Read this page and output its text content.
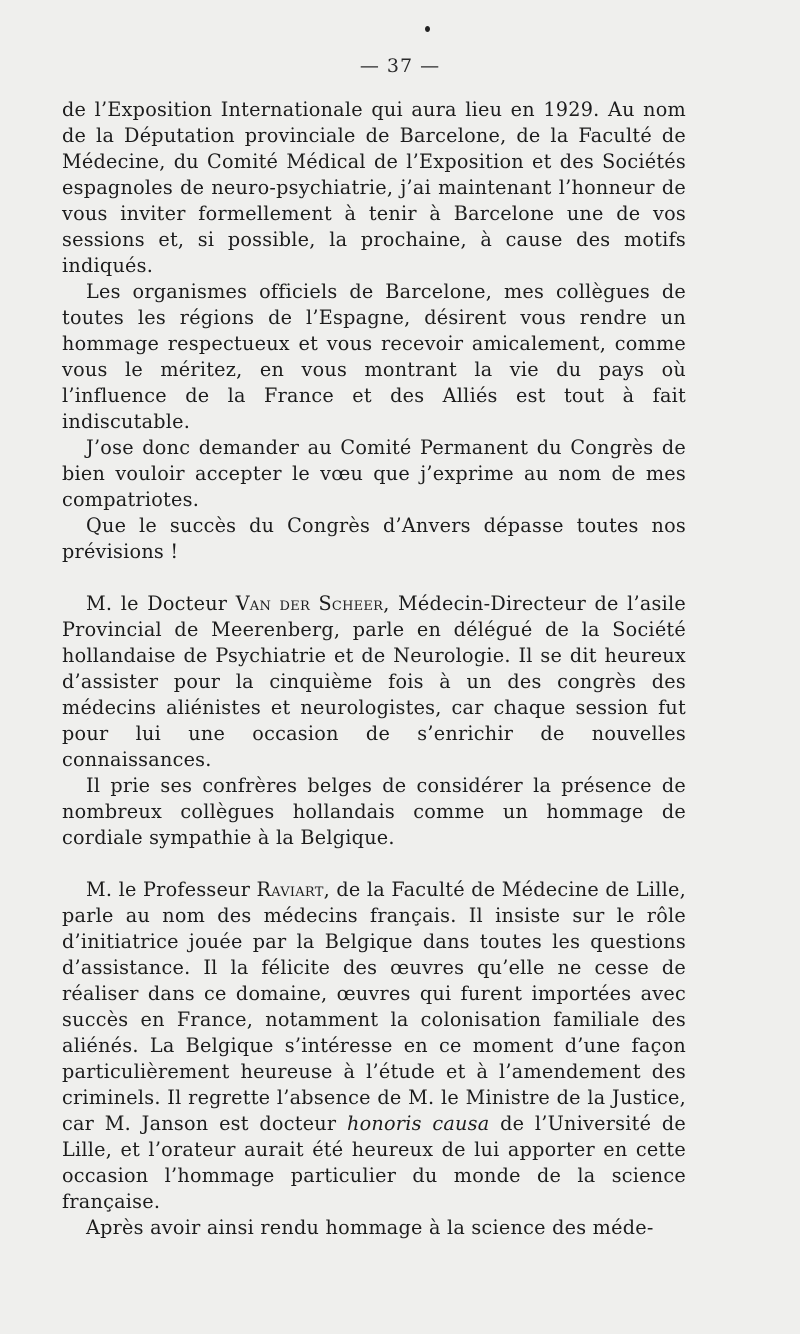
— 37 —

de l’Exposition Internationale qui aura lieu en 1929. Au nom de la Députation provinciale de Barcelone, de la Faculté de Médecine, du Comité Médical de l’Exposition et des Sociétés espagnoles de neuro-psychiatrie, j’ai maintenant l’honneur de vous inviter formellement à tenir à Barcelone une de vos sessions et, si possible, la prochaine, à cause des motifs indiqués.

Les organismes officiels de Barcelone, mes collègues de toutes les régions de l’Espagne, désirent vous rendre un hommage respectueux et vous recevoir amicalement, comme vous le méritez, en vous montrant la vie du pays où l’influence de la France et des Alliés est tout à fait indiscutable.

J’ose donc demander au Comité Permanent du Congrès de bien vouloir accepter le vœu que j’exprime au nom de mes compatriotes.

Que le succès du Congrès d’Anvers dépasse toutes nos prévisions !

M. le Docteur Van der Scheer, Médecin-Directeur de l’asile Provincial de Meerenberg, parle en délégué de la Société hollandaise de Psychiatrie et de Neurologie. Il se dit heureux d’assister pour la cinquième fois à un des congrès des médecins aliénistes et neurologistes, car chaque session fut pour lui une occasion de s’enrichir de nouvelles connaissances.

Il prie ses confrères belges de considérer la présence de nombreux collègues hollandais comme un hommage de cordiale sympathie à la Belgique.

M. le Professeur Raviart, de la Faculté de Médecine de Lille, parle au nom des médecins français. Il insiste sur le rôle d’initiatrice jouée par la Belgique dans toutes les questions d’assistance. Il la félicite des œuvres qu’elle ne cesse de réaliser dans ce domaine, œuvres qui furent importées avec succès en France, notamment la colonisation familiale des aliénés. La Belgique s’intéresse en ce moment d’une façon particulièrement heureuse à l’étude et à l’amendement des criminels. Il regrette l’absence de M. le Ministre de la Justice, car M. Janson est docteur honoris causa de l’Université de Lille, et l’orateur aurait été heureux de lui apporter en cette occasion l’hommage particulier du monde de la science française.

Après avoir ainsi rendu hommage à la science des méde-
